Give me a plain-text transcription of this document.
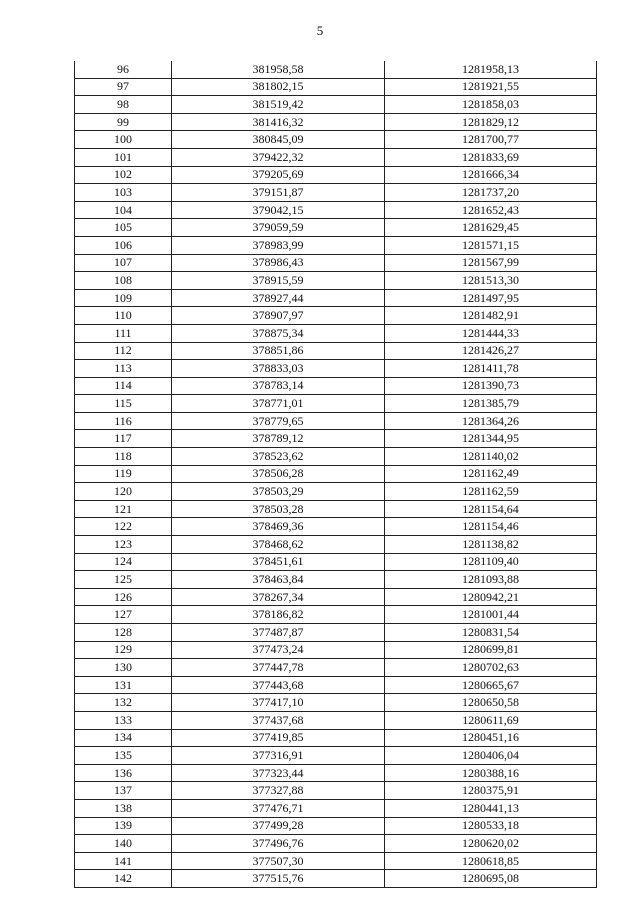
5
96	381958,58	1281958,13
97	381802,15	1281921,55
98	381519,42	1281858,03
99	381416,32	1281829,12
100	380845,09	1281700,77
101	379422,32	1281833,69
102	379205,69	1281666,34
103	379151,87	1281737,20
104	379042,15	1281652,43
105	379059,59	1281629,45
106	378983,99	1281571,15
107	378986,43	1281567,99
108	378915,59	1281513,30
109	378927,44	1281497,95
110	378907,97	1281482,91
111	378875,34	1281444,33
112	378851,86	1281426,27
113	378833,03	1281411,78
114	378783,14	1281390,73
115	378771,01	1281385,79
116	378779,65	1281364,26
117	378789,12	1281344,95
118	378523,62	1281140,02
119	378506,28	1281162,49
120	378503,29	1281162,59
121	378503,28	1281154,64
122	378469,36	1281154,46
123	378468,62	1281138,82
124	378451,61	1281109,40
125	378463,84	1281093,88
126	378267,34	1280942,21
127	378186,82	1281001,44
128	377487,87	1280831,54
129	377473,24	1280699,81
130	377447,78	1280702,63
131	377443,68	1280665,67
132	377417,10	1280650,58
133	377437,68	1280611,69
134	377419,85	1280451,16
135	377316,91	1280406,04
136	377323,44	1280388,16
137	377327,88	1280375,91
138	377476,71	1280441,13
139	377499,28	1280533,18
140	377496,76	1280620,02
141	377507,30	1280618,85
142	377515,76	1280695,08
